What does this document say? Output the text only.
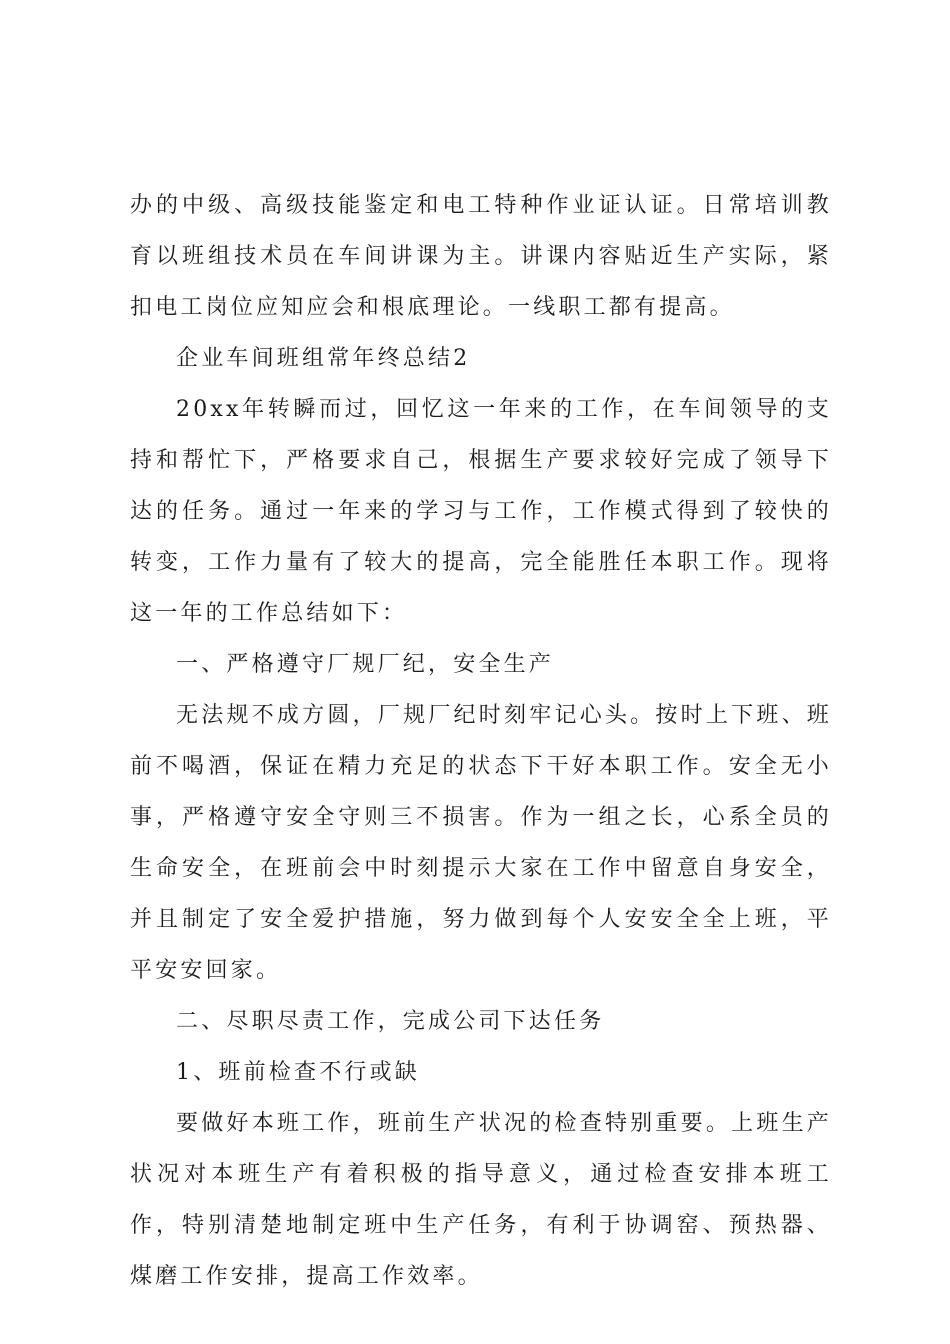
办的中级、高级技能鉴定和电工特种作业证认证。日常培训教育以班组技术员在车间讲课为主。讲课内容贴近生产实际，紧扣电工岗位应知应会和根底理论。一线职工都有提高。

企业车间班组常年终总结2

20xx年转瞬而过，回忆这一年来的工作，在车间领导的支持和帮忙下，严格要求自己，根据生产要求较好完成了领导下达的任务。通过一年来的学习与工作，工作模式得到了较快的转变，工作力量有了较大的提高，完全能胜任本职工作。现将这一年的工作总结如下：

一、严格遵守厂规厂纪，安全生产

无法规不成方圆，厂规厂纪时刻牢记心头。按时上下班、班前不喝酒，保证在精力充足的状态下干好本职工作。安全无小事，严格遵守安全守则三不损害。作为一组之长，心系全员的生命安全，在班前会中时刻提示大家在工作中留意自身安全，并且制定了安全爱护措施，努力做到每个人安安全全上班，平平安安回家。

二、尽职尽责工作，完成公司下达任务

1、班前检查不行或缺

要做好本班工作，班前生产状况的检查特别重要。上班生产状况对本班生产有着积极的指导意义，通过检查安排本班工作，特别清楚地制定班中生产任务，有利于协调窑、预热器、煤磨工作安排，提高工作效率。
